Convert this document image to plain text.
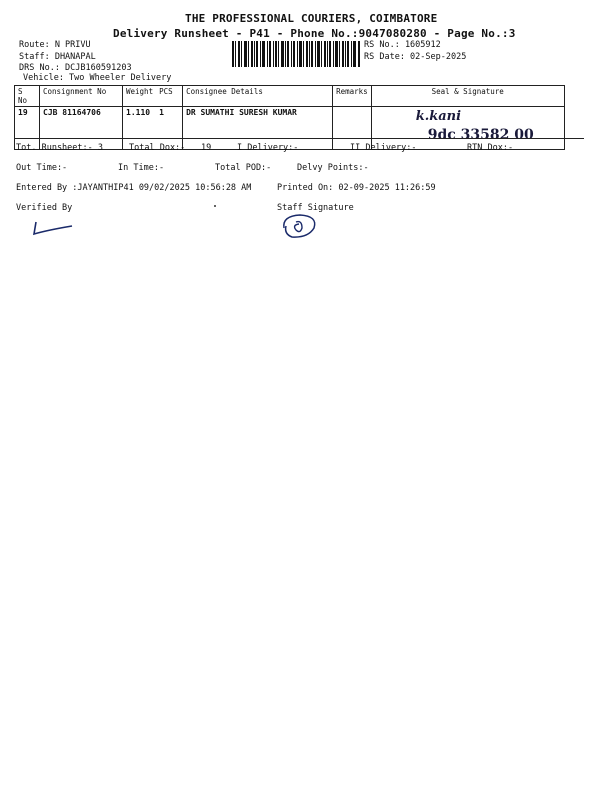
THE PROFESSIONAL COURIERS, COIMBATORE
Delivery Runsheet - P41 - Phone No.:9047080280 - Page No.:3
Route: N PRIVU
Staff: DHANAPAL
DRS No.: DCJB160591203
Vehicle: Two Wheeler Delivery
RS No.: 1605912
RS Date: 02-Sep-2025
S No	Consignment No	Weight	PCS	Consignee Details	Remarks	Seal & Signature
19	CJB 81164706	1.110	1	DR SUMATHI SURESH KUMAR		k.kani
9dc 33582 00
Tot. Runsheet:- 3	Total Dox:- 19	I Delivery:-	II Delivery:-	RTN Dox:-
Out Time:-	In Time:-	Total POD:-	Delvy Points:-
Entered By :JAYANTHIP41 09/02/2025 10:56:28 AM	Printed On: 02-09-2025 11:26:59
Verified By	Staff Signature
